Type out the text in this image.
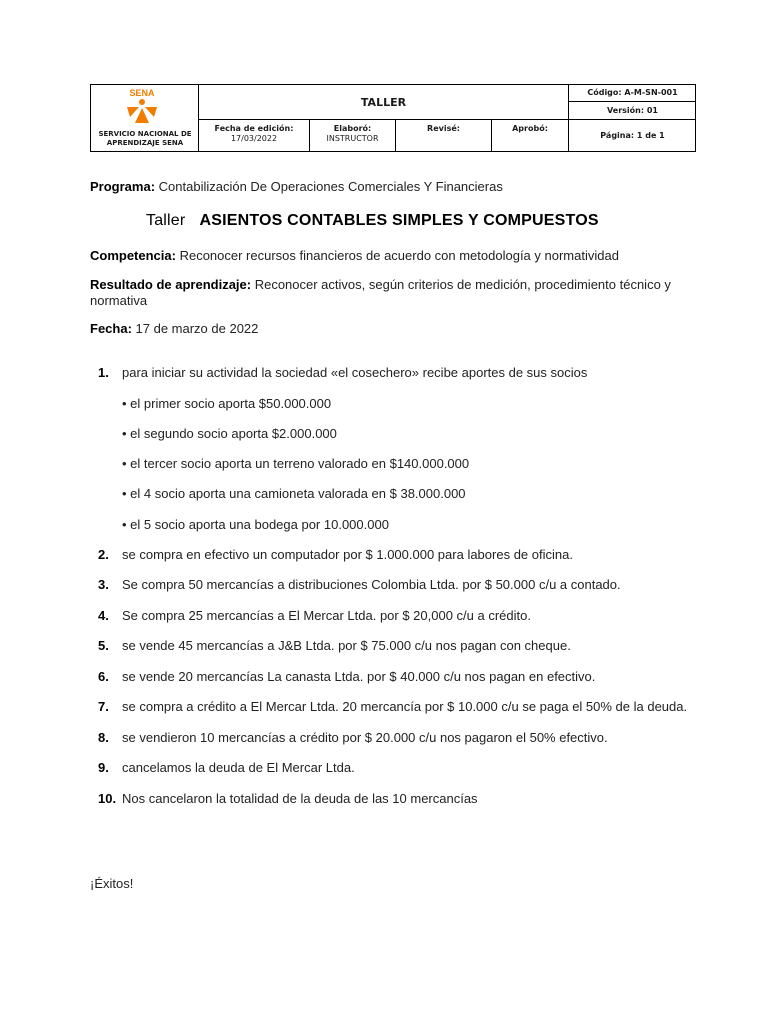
SENA
SERVICIO NACIONAL DE APRENDIZAJE SENA
TALLER
Código: A-M-SN-001
Versión: 01
Página: 1 de 1
Fecha de edición:
17/03/2022
Elaboró:
INSTRUCTOR
Revisé:	Aprobó:
Programa: Contabilización De Operaciones Comerciales Y Financieras
Taller ASIENTOS CONTABLES SIMPLES Y COMPUESTOS
Competencia: Reconocer recursos financieros de acuerdo con metodología y normatividad
Resultado de aprendizaje: Reconocer activos, según criterios de medición, procedimiento técnico y normativa
Fecha: 17 de marzo de 2022
1. para iniciar su actividad la sociedad «el cosechero» recibe aportes de sus socios
• el primer socio aporta $50.000.000
• el segundo socio aporta $2.000.000
• el tercer socio aporta un terreno valorado en $140.000.000
• el 4 socio aporta una camioneta valorada en $ 38.000.000
• el 5 socio aporta una bodega por 10.000.000
2. se compra en efectivo un computador por $ 1.000.000 para labores de oficina.
3. Se compra 50 mercancías a distribuciones Colombia Ltda. por $ 50.000 c/u a contado.
4. Se compra 25 mercancías a El Mercar Ltda. por $ 20,000 c/u a crédito.
5. se vende 45 mercancías a J&B Ltda. por $ 75.000 c/u nos pagan con cheque.
6. se vende 20 mercancías La canasta Ltda. por $ 40.000 c/u nos pagan en efectivo.
7. se compra a crédito a El Mercar Ltda. 20 mercancía por $ 10.000 c/u se paga el 50% de la deuda.
8. se vendieron 10 mercancías a crédito por $ 20.000 c/u nos pagaron el 50% efectivo.
9. cancelamos la deuda de El Mercar Ltda.
10. Nos cancelaron la totalidad de la deuda de las 10 mercancías
¡Éxitos!
